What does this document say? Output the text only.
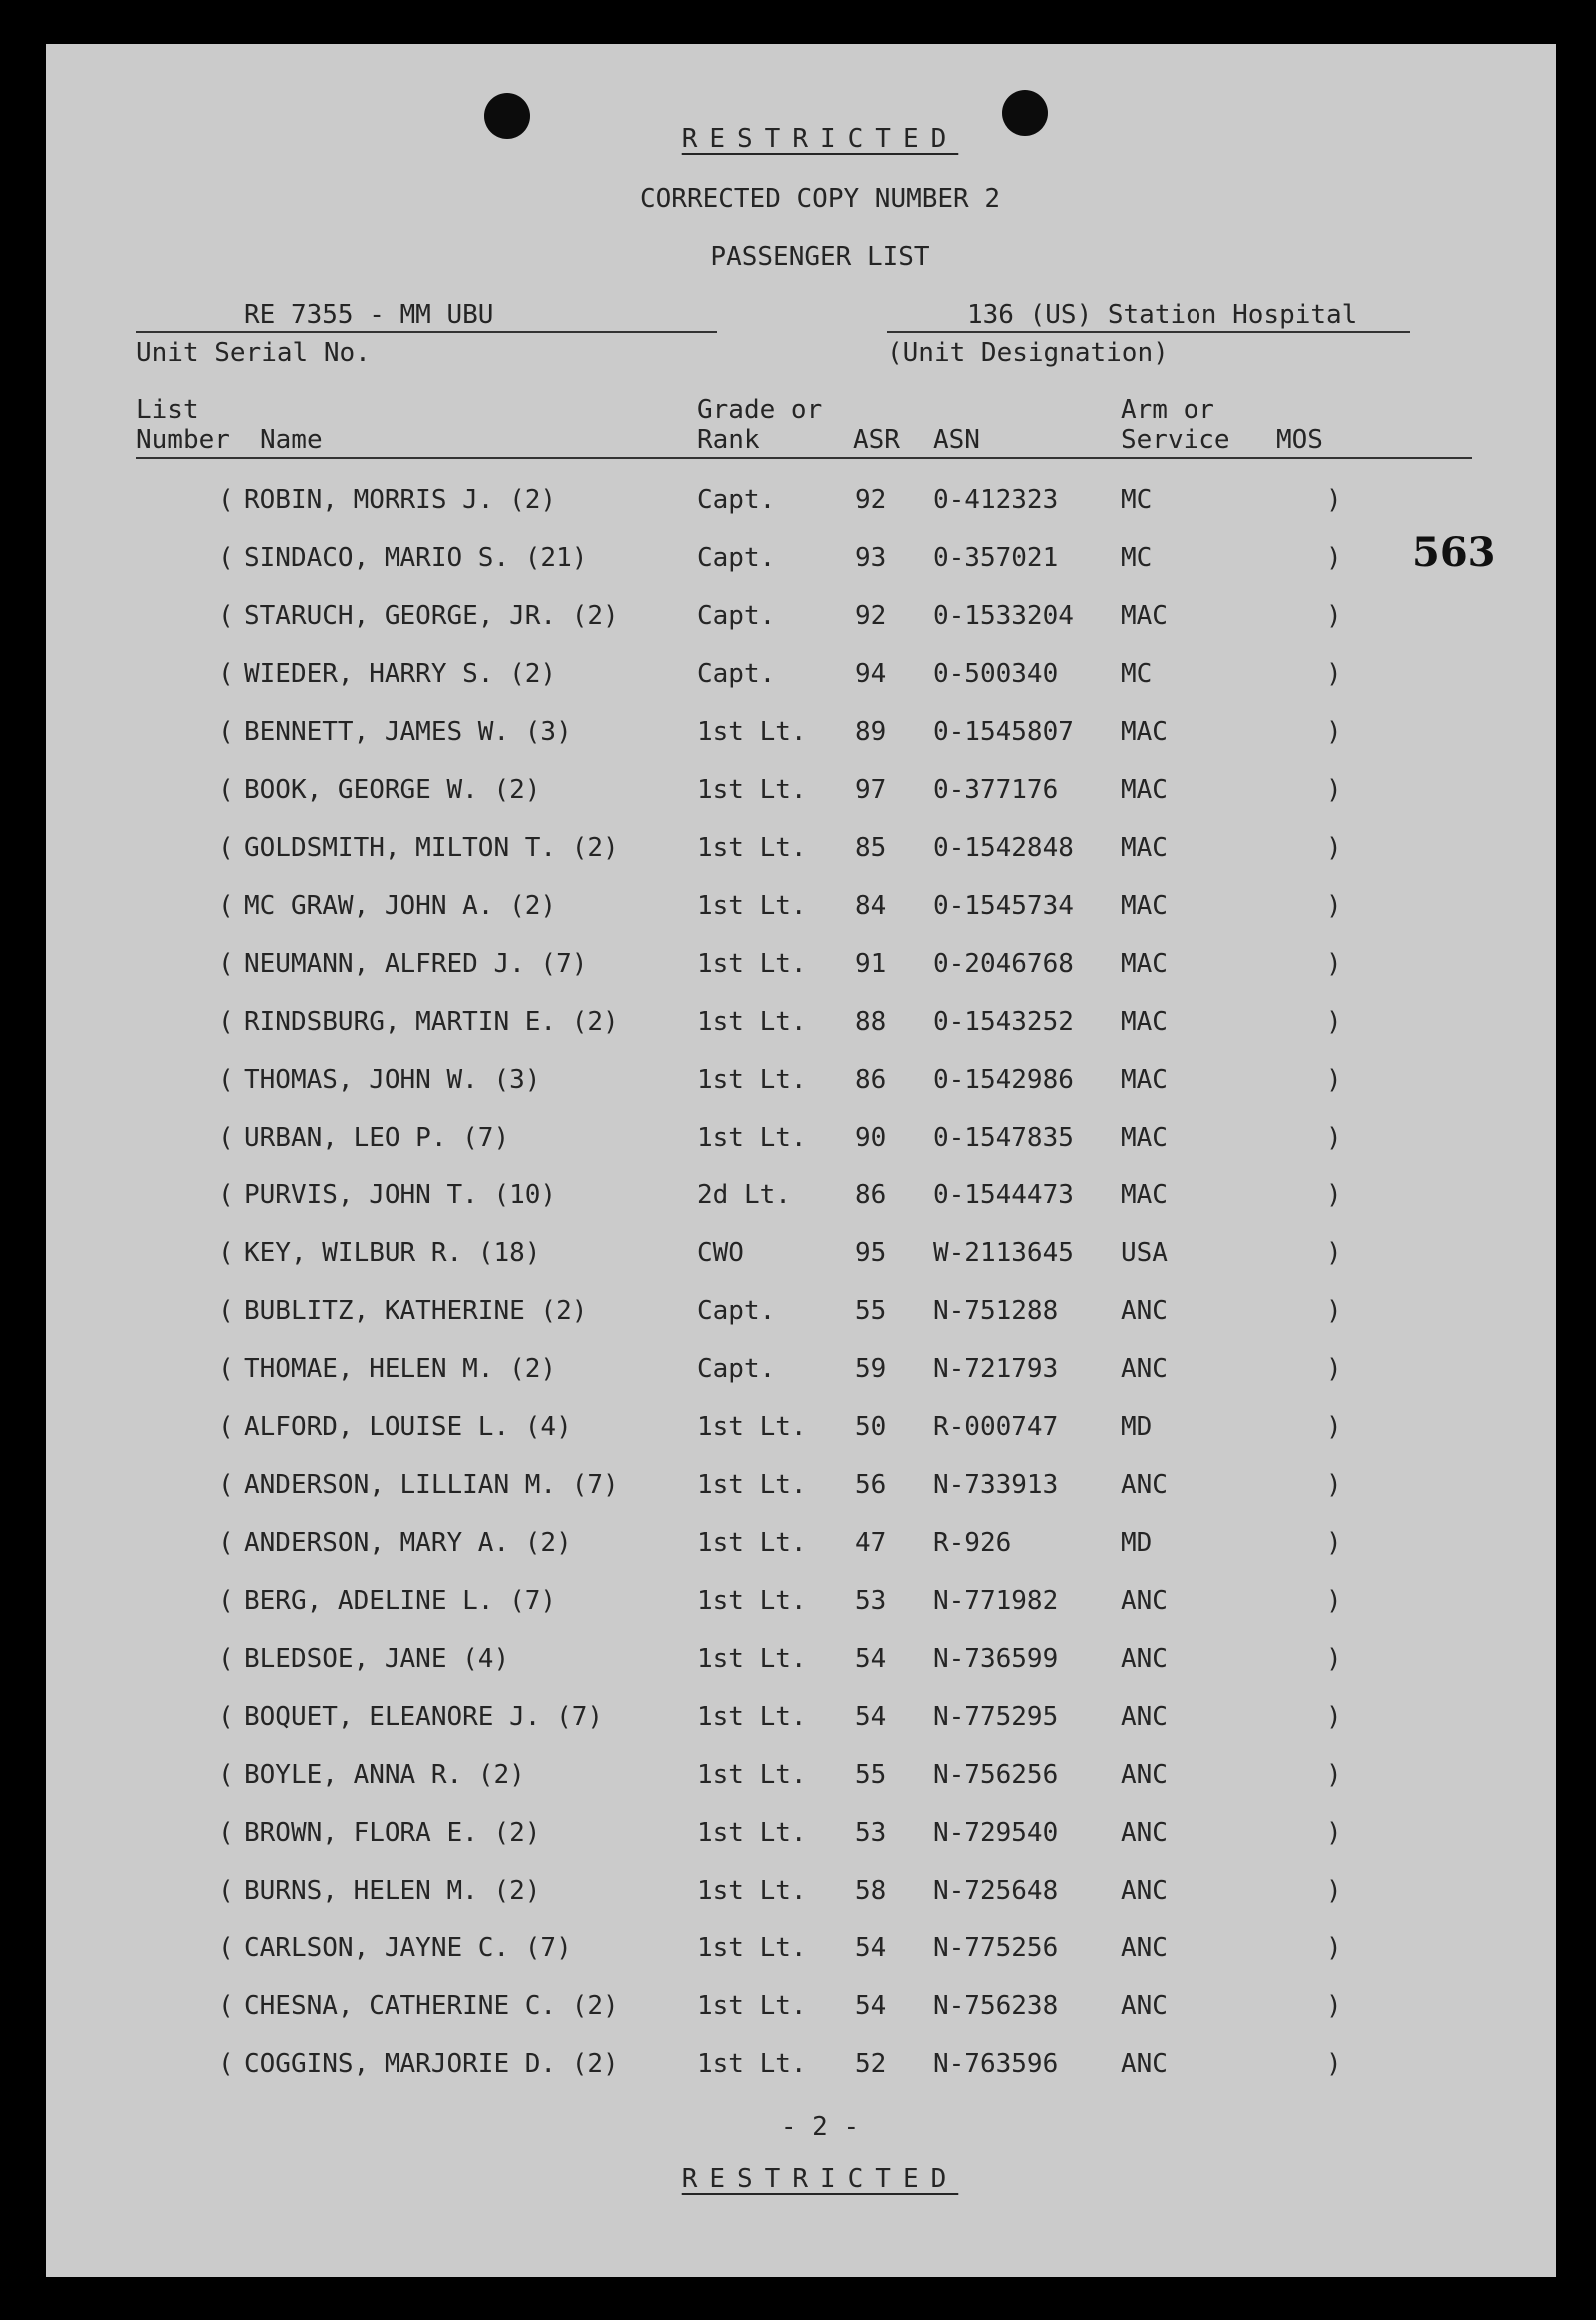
RESTRICTED
CORRECTED COPY NUMBER 2
PASSENGER LIST
RE 7355 - MM UBU
Unit Serial No.
136 (US) Station Hospital
(Unit Designation)
563
List
Number Name
Grade or
Rank	ASR ASN
Arm or
Service MOS
( ROBIN, MORRIS J. (2)	Capt.	92 0-412323 MC	)
( SINDACO, MARIO S. (21)	Capt.	93 0-357021 MC	)
( STARUCH, GEORGE, JR. (2)	Capt.	92 0-1533204 MAC	)
( WIEDER, HARRY S. (2)	Capt.	94 0-500340 MC	)
( BENNETT, JAMES W. (3)	1st Lt. 89 0-1545807 MAC	)
( BOOK, GEORGE W. (2)	1st Lt. 97 0-377176 MAC	)
( GOLDSMITH, MILTON T. (2)	1st Lt. 85 0-1542848 MAC	)
( MC GRAW, JOHN A. (2)	1st Lt. 84 0-1545734 MAC	)
( NEUMANN, ALFRED J. (7)	1st Lt. 91 0-2046768 MAC	)
( RINDSBURG, MARTIN E. (2)	1st Lt. 88 0-1543252 MAC	)
( THOMAS, JOHN W. (3)	1st Lt. 86 0-1542986 MAC	)
( URBAN, LEO P. (7)	1st Lt. 90 0-1547835 MAC	)
( PURVIS, JOHN T. (10)	2d Lt. 86 0-1544473 MAC	)
( KEY, WILBUR R. (18)	CWO	95 W-2113645 USA	)
( BUBLITZ, KATHERINE (2)	Capt.	55 N-751288 ANC	)
( THOMAE, HELEN M. (2)	Capt.	59 N-721793 ANC	)
( ALFORD, LOUISE L. (4)	1st Lt. 50 R-000747 MD	)
( ANDERSON, LILLIAN M. (7)	1st Lt. 56 N-733913 ANC	)
( ANDERSON, MARY A. (2)	1st Lt. 47 R-926	MD	)
( BERG, ADELINE L. (7)	1st Lt. 53 N-771982 ANC	)
( BLEDSOE, JANE (4)	1st Lt. 54 N-736599 ANC	)
( BOQUET, ELEANORE J. (7)	1st Lt. 54 N-775295 ANC	)
( BOYLE, ANNA R. (2)	1st Lt. 55 N-756256 ANC	)
( BROWN, FLORA E. (2)	1st Lt. 53 N-729540 ANC	)
( BURNS, HELEN M. (2)	1st Lt. 58 N-725648 ANC	)
( CARLSON, JAYNE C. (7)	1st Lt. 54 N-775256 ANC	)
( CHESNA, CATHERINE C. (2)	1st Lt. 54 N-756238 ANC	)
( COGGINS, MARJORIE D. (2)	1st Lt. 52 N-763596 ANC	)
- 2 -
RESTRICTED
